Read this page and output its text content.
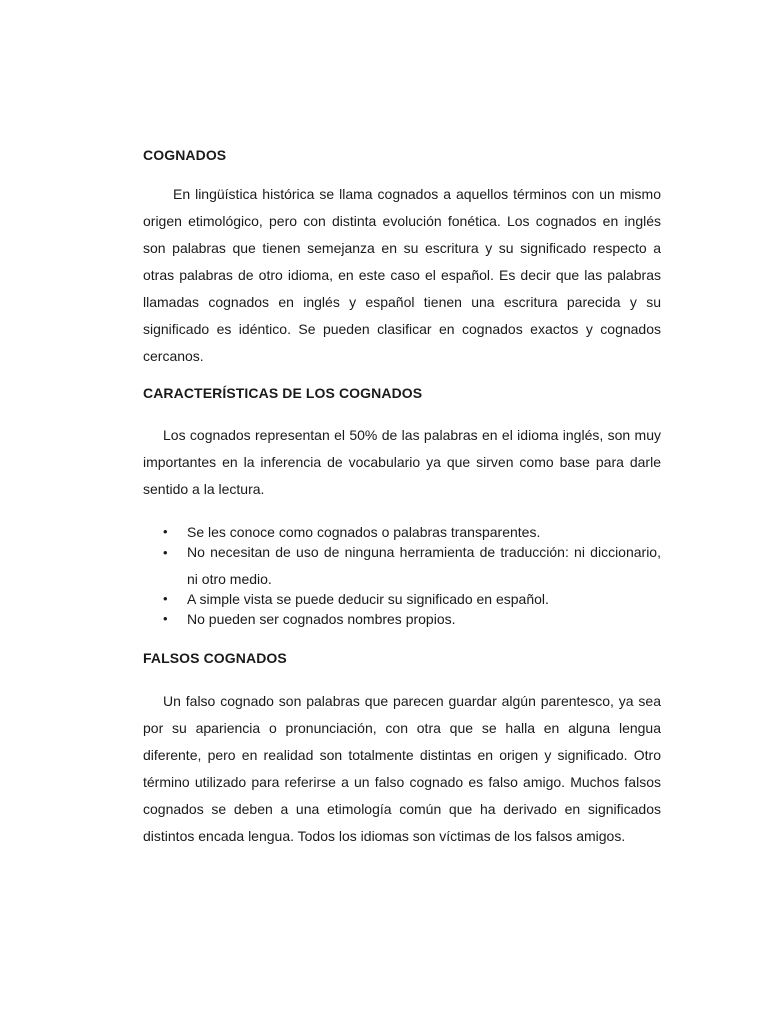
COGNADOS

En lingüística histórica se llama cognados a aquellos términos con un mismo origen etimológico, pero con distinta evolución fonética. Los cognados en inglés son palabras que tienen semejanza en su escritura y su significado respecto a otras palabras de otro idioma, en este caso el español. Es decir que las palabras llamadas cognados en inglés y español tienen una escritura parecida y su significado es idéntico. Se pueden clasificar en cognados exactos y cognados cercanos.

CARACTERÍSTICAS DE LOS COGNADOS

Los cognados representan el 50% de las palabras en el idioma inglés, son muy importantes en la inferencia de vocabulario ya que sirven como base para darle sentido a la lectura.

•	Se les conoce como cognados o palabras transparentes.
•	No necesitan de uso de ninguna herramienta de traducción: ni diccionario, ni otro medio.
•	A simple vista se puede deducir su significado en español.
•	No pueden ser cognados nombres propios.
FALSOS COGNADOS

Un falso cognado son palabras que parecen guardar algún parentesco, ya sea por su apariencia o pronunciación, con otra que se halla en alguna lengua diferente, pero en realidad son totalmente distintas en origen y significado. Otro término utilizado para referirse a un falso cognado es falso amigo. Muchos falsos cognados se deben a una etimología común que ha derivado en significados distintos encada lengua. Todos los idiomas son víctimas de los falsos amigos.
